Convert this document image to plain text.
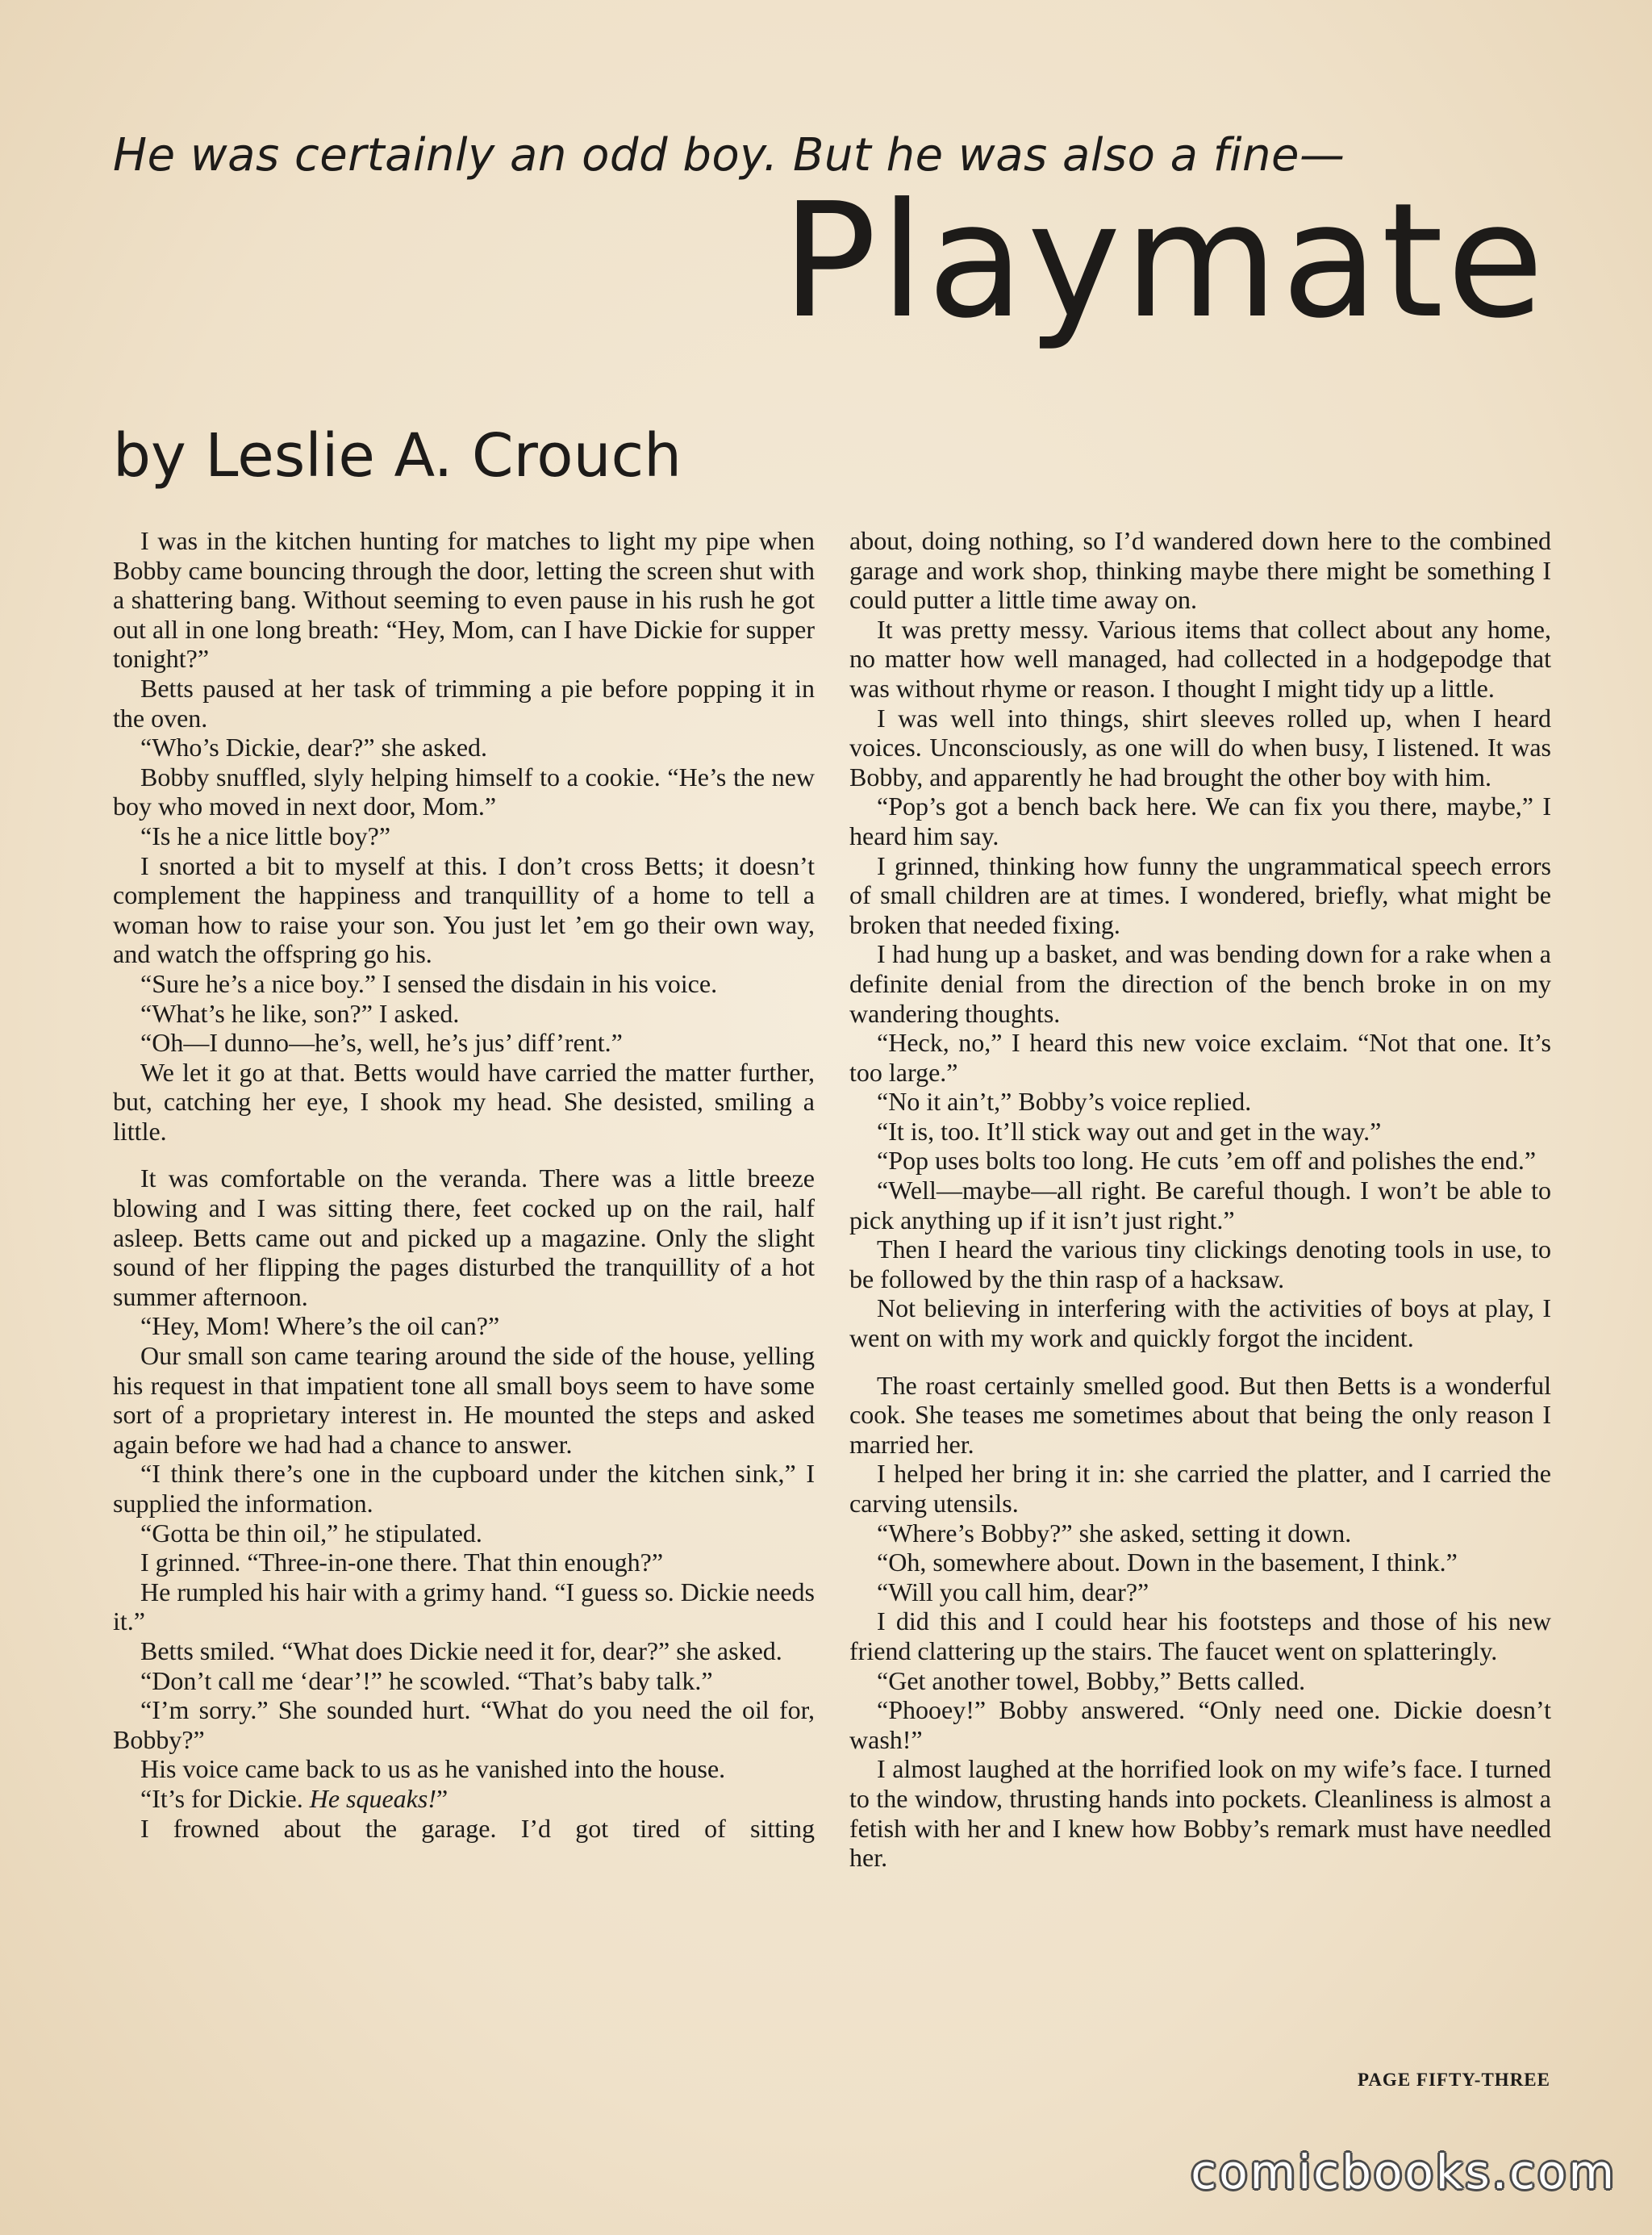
He was certainly an odd boy. But he was also a fine—
Playmate
by Leslie A. Crouch

I was in the kitchen hunting for matches to light my pipe when Bobby came bouncing through the door, letting the screen shut with a shattering bang. Without seeming to even pause in his rush he got out all in one long breath: “Hey, Mom, can I have Dickie for supper tonight?”

Betts paused at her task of trimming a pie before popping it in the oven.

“Who’s Dickie, dear?” she asked.

Bobby snuffled, slyly helping himself to a cookie. “He’s the new boy who moved in next door, Mom.”

“Is he a nice little boy?”

I snorted a bit to myself at this. I don’t cross Betts; it doesn’t complement the happiness and tranquillity of a home to tell a woman how to raise your son. You just let ’em go their own way, and watch the offspring go his.

“Sure he’s a nice boy.” I sensed the disdain in his voice.

“What’s he like, son?” I asked.

“Oh—I dunno—he’s, well, he’s jus’ diff’rent.”

We let it go at that. Betts would have carried the matter further, but, catching her eye, I shook my head. She desisted, smiling a little.

It was comfortable on the veranda. There was a little breeze blowing and I was sitting there, feet cocked up on the rail, half asleep. Betts came out and picked up a magazine. Only the slight sound of her flipping the pages disturbed the tranquillity of a hot summer afternoon.

“Hey, Mom! Where’s the oil can?”

Our small son came tearing around the side of the house, yelling his request in that impatient tone all small boys seem to have some sort of a proprietary interest in. He mounted the steps and asked again before we had had a chance to answer.

“I think there’s one in the cupboard under the kitchen sink,” I supplied the information.

“Gotta be thin oil,” he stipulated.

I grinned. “Three-in-one there. That thin enough?”

He rumpled his hair with a grimy hand. “I guess so. Dickie needs it.”

Betts smiled. “What does Dickie need it for, dear?” she asked.

“Don’t call me ‘dear’!” he scowled. “That’s baby talk.”

“I’m sorry.” She sounded hurt. “What do you need the oil for, Bobby?”

His voice came back to us as he vanished into the house.

“It’s for Dickie. He squeaks!”

I frowned about the garage. I’d got tired of sitting

about, doing nothing, so I’d wandered down here to the combined garage and work shop, thinking maybe there might be something I could putter a little time away on.

It was pretty messy. Various items that collect about any home, no matter how well managed, had collected in a hodgepodge that was without rhyme or reason. I thought I might tidy up a little.

I was well into things, shirt sleeves rolled up, when I heard voices. Unconsciously, as one will do when busy, I listened. It was Bobby, and apparently he had brought the other boy with him.

“Pop’s got a bench back here. We can fix you there, maybe,” I heard him say.

I grinned, thinking how funny the ungrammatical speech errors of small children are at times. I wondered, briefly, what might be broken that needed fixing.

I had hung up a basket, and was bending down for a rake when a definite denial from the direction of the bench broke in on my wandering thoughts.

“Heck, no,” I heard this new voice exclaim. “Not that one. It’s too large.”

“No it ain’t,” Bobby’s voice replied.

“It is, too. It’ll stick way out and get in the way.”

“Pop uses bolts too long. He cuts ’em off and polishes the end.”

“Well—maybe—all right. Be careful though. I won’t be able to pick anything up if it isn’t just right.”

Then I heard the various tiny clickings denoting tools in use, to be followed by the thin rasp of a hacksaw.

Not believing in interfering with the activities of boys at play, I went on with my work and quickly forgot the incident.

The roast certainly smelled good. But then Betts is a wonderful cook. She teases me sometimes about that being the only reason I married her.

I helped her bring it in: she carried the platter, and I carried the carving utensils.

“Where’s Bobby?” she asked, setting it down.

“Oh, somewhere about. Down in the basement, I think.”

“Will you call him, dear?”

I did this and I could hear his footsteps and those of his new friend clattering up the stairs. The faucet went on splatteringly.

“Get another towel, Bobby,” Betts called.

“Phooey!” Bobby answered. “Only need one. Dickie doesn’t wash!”

I almost laughed at the horrified look on my wife’s face. I turned to the window, thrusting hands into pockets. Cleanliness is almost a fetish with her and I knew how Bobby’s remark must have needled her.

PAGE FIFTY-THREE
comicbooks.com
